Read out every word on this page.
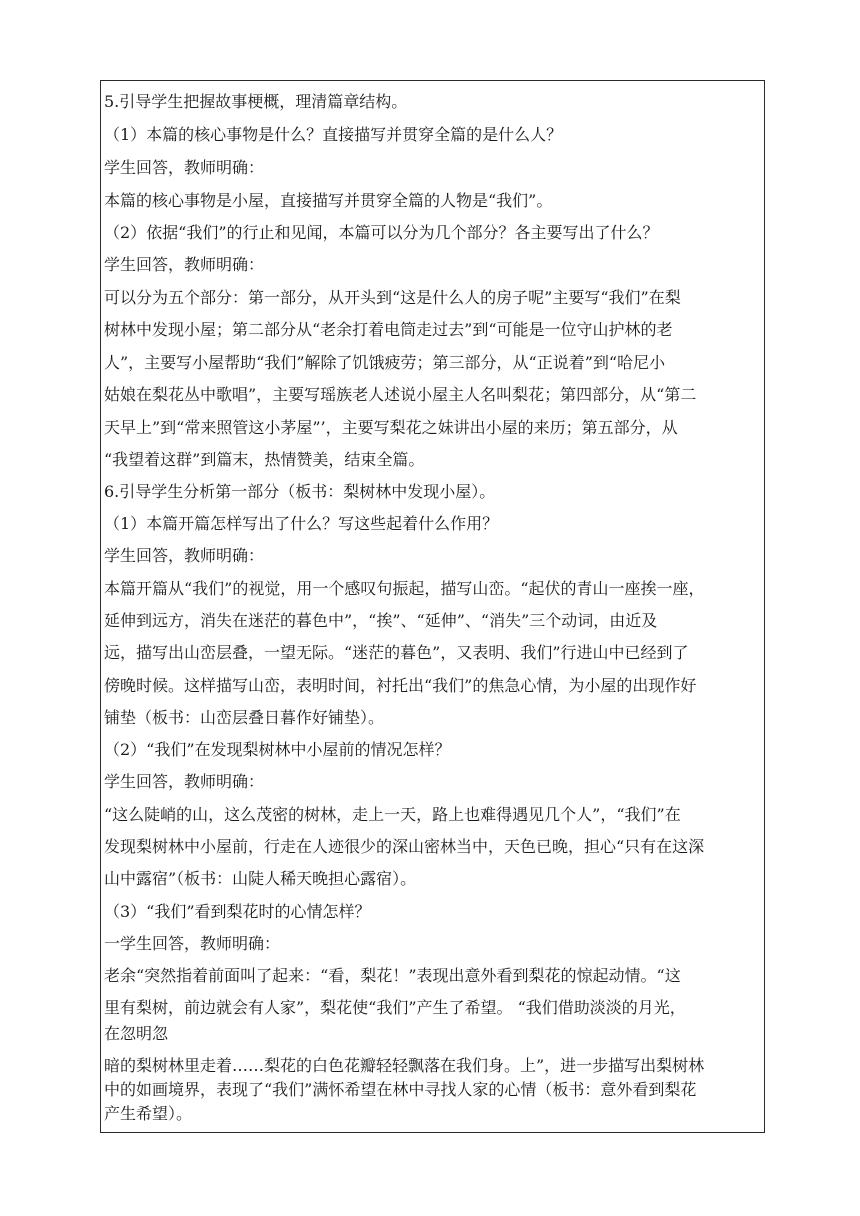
5.引导学生把握故事梗概，理清篇章结构。
（1）本篇的核心事物是什么？直接描写并贯穿全篇的是什么人？
学生回答，教师明确：
本篇的核心事物是小屋，直接描写并贯穿全篇的人物是“我们”。
（2）依据“我们”的行止和见闻，本篇可以分为几个部分？各主要写出了什么？
学生回答，教师明确：
可以分为五个部分：第一部分，从开头到“这是什么人的房子呢”主要写“我们”在梨
树林中发现小屋；第二部分从“老余打着电筒走过去”到“可能是一位守山护林的老
人”，主要写小屋帮助“我们”解除了饥饿疲劳；第三部分，从“正说着”到“哈尼小
姑娘在梨花丛中歌唱”，主要写瑶族老人述说小屋主人名叫梨花；第四部分，从“第二
天早上”到“常来照管这小茅屋”’，主要写梨花之妹讲出小屋的来历；第五部分，从
“我望着这群”到篇末，热情赞美，结束全篇。
6.引导学生分析第一部分（板书：梨树林中发现小屋）。
（1）本篇开篇怎样写出了什么？写这些起着什么作用？
学生回答，教师明确：
本篇开篇从“我们”的视觉，用一个感叹句振起，描写山峦。“起伏的青山一座挨一座，
延伸到远方，消失在迷茫的暮色中”，“挨”、“延伸”、“消失”三个动词，由近及
远，描写出山峦层叠，一望无际。“迷茫的暮色”，又表明、我们”行进山中已经到了
傍晚时候。这样描写山峦，表明时间，衬托出“我们”的焦急心情，为小屋的出现作好
铺垫（板书：山峦层叠日暮作好铺垫）。
（2）“我们”在发现梨树林中小屋前的情况怎样？
学生回答，教师明确：
“这么陡峭的山，这么茂密的树林，走上一天，路上也难得遇见几个人”，“我们”在
发现梨树林中小屋前，行走在人迹很少的深山密林当中，天色已晚，担心“只有在这深
山中露宿”（板书：山陡人稀天晚担心露宿）。
（3）“我们”看到梨花时的心情怎样？
一学生回答，教师明确：
老余“突然指着前面叫了起来：“看，梨花！”表现出意外看到梨花的惊起动情。“这
里有梨树，前边就会有人家”，梨花使“我们”产生了希望。 “我们借助淡淡的月光，
在忽明忽
暗的梨树林里走着……梨花的白色花瓣轻轻飘落在我们身。上”，进一步描写出梨树林
中的如画境界，表现了“我们”满怀希望在林中寻找人家的心情（板书：意外看到梨花
产生希望）。
